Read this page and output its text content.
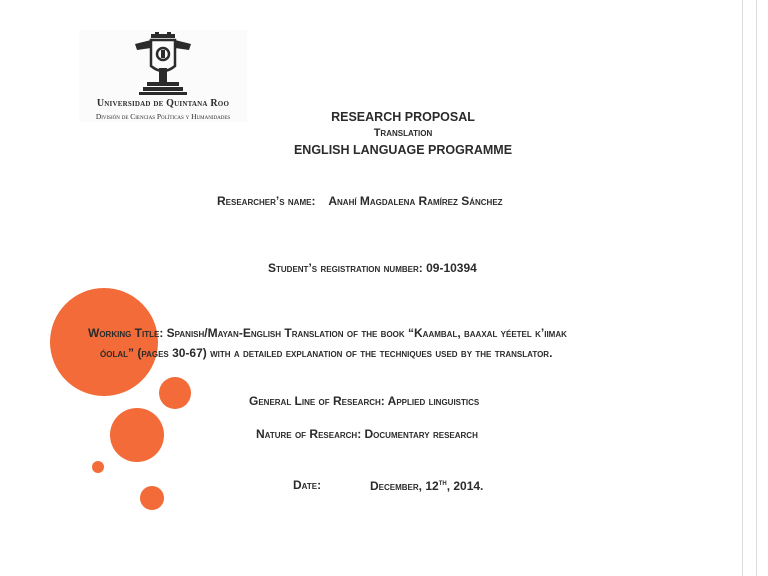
Universidad de Quintana Roo
División de Ciencias Políticas y Humanidades	RESEARCH PROPOSAL
Translation
ENGLISH LANGUAGE PROGRAMME
Researcher’s name: Anahí Magdalena Ramírez Sánchez
Student’s registration number: 09-10394
Working Title: Spanish/Mayan-English Translation of the book “Kaambal, baaxal yéetel k’iimak
óolal” (pages 30-67) with a detailed explanation of the techniques used by the translator.
General Line of Research: Applied linguistics
Nature of Research: Documentary research
Date:	December, 12th, 2014.
